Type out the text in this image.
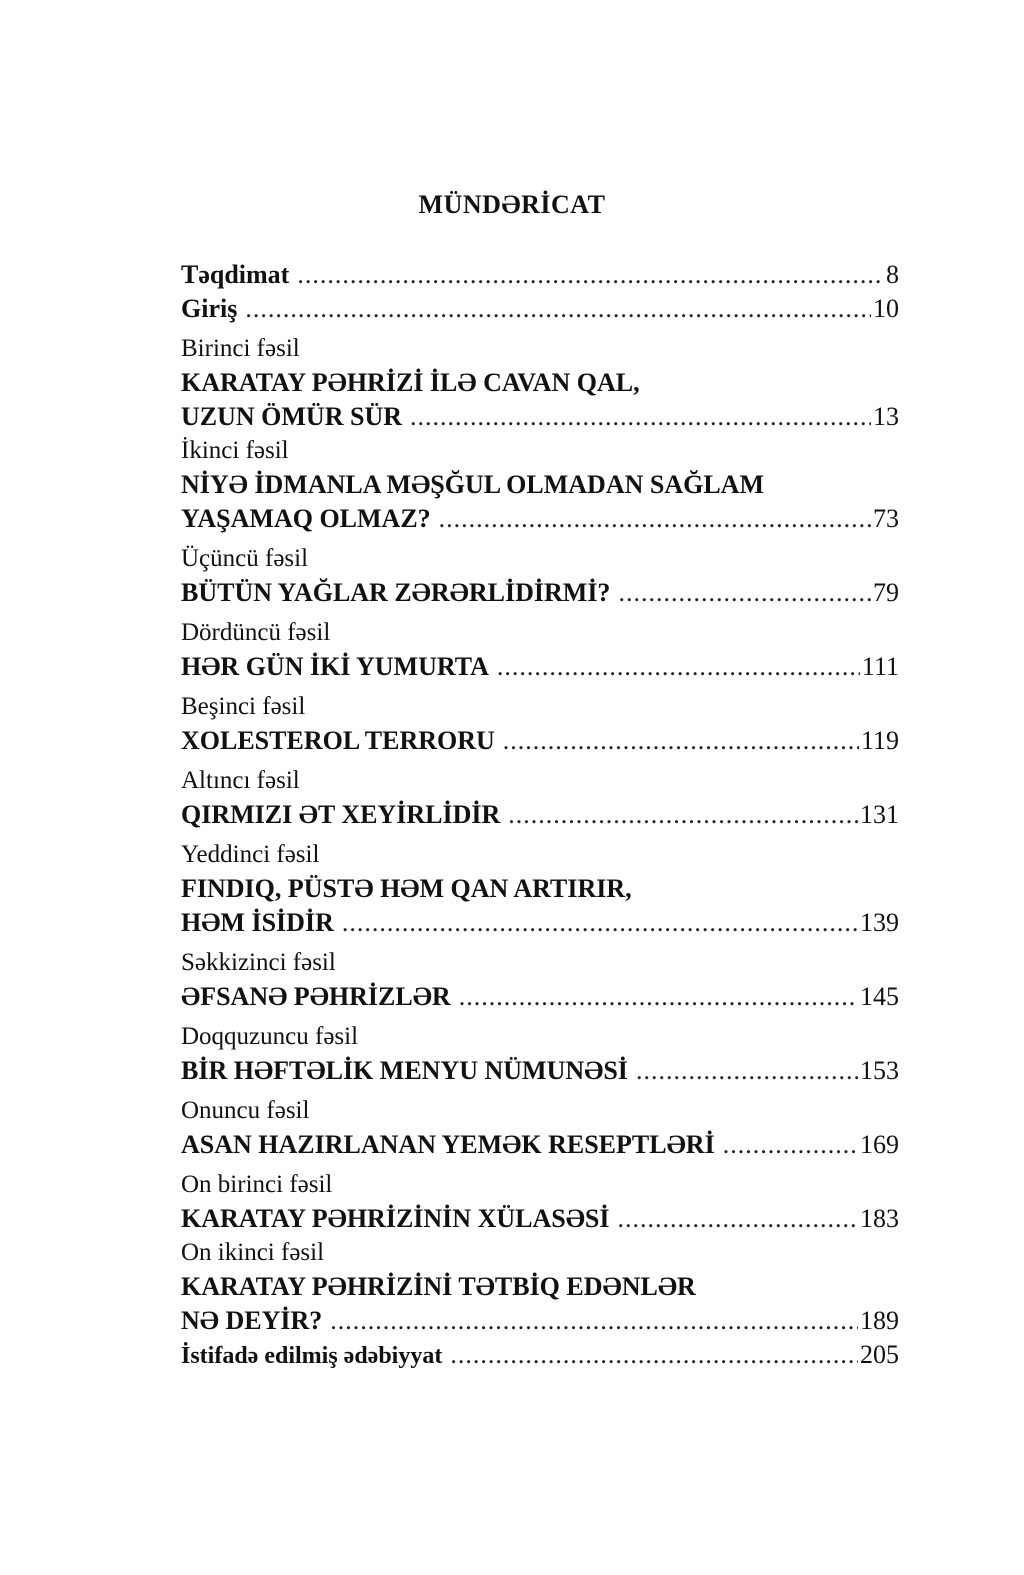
MÜNDƏRİCAT
Təqdimat .....	8
Giriş .....	10
Birinci fəsil
KARATAY PƏHRİZİ İLƏ CAVAN QAL,
UZUN ÖMÜR SÜR .....	13
İkinci fəsil
NİYƏ İDMANLA MƏŞĞUL OLMADAN SAĞLAM
YAŞAMAQ OLMAZ? .....	73
Üçüncü fəsil
BÜTÜN YAĞLAR ZƏRƏRLİDİRMİ? .....	79
Dördüncü fəsil
HƏR GÜN İKİ YUMURTA .....	111
Beşinci fəsil
XOLESTEROL TERRORU .....	119
Altıncı fəsil
QIRMIZI ƏT XEYİRLİDİR .....	131
Yeddinci fəsil
FINDIQ, PÜSTƏ HƏM QAN ARTIRIR,
HƏM İSİDİR .....	139
Səkkizinci fəsil
ƏFSANƏ PƏHRİZLƏR .....	145
Doqquzuncu fəsil
BİR HƏFTƏLİK MENYU NÜMUNƏSİ .....	153
Onuncu fəsil
ASAN HAZIRLANAN YEMƏK RESEPTLƏRİ .....	169
On birinci fəsil
KARATAY PƏHRİZİNİN XÜLASƏSİ .....	183
On ikinci fəsil
KARATAY PƏHRİZİNİ TƏTBİQ EDƏNLƏR
NƏ DEYİR? .....	189
İstifadə edilmiş ədəbiyyat .....	205
